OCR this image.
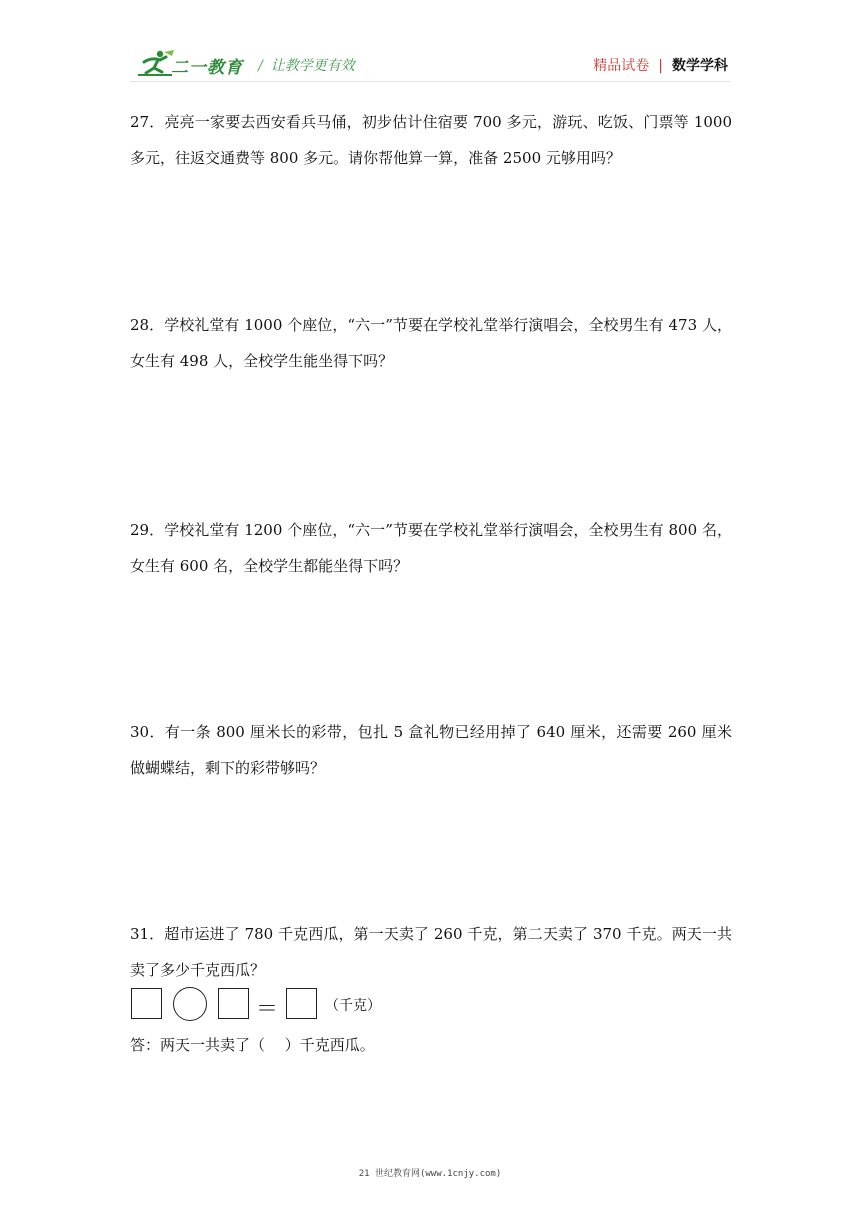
二一教育 / 让教学更有效	精品试卷 | 数学学科
27．亮亮一家要去西安看兵马俑，初步估计住宿要 700 多元，游玩、吃饭、门票等 1000 多元，往返交通费等 800 多元。请你帮他算一算，准备 2500 元够用吗？
28．学校礼堂有 1000 个座位，“六一”节要在学校礼堂举行演唱会，全校男生有 473 人，女生有 498 人，全校学生能坐得下吗？
29．学校礼堂有 1200 个座位，“六一”节要在学校礼堂举行演唱会，全校男生有 800 名，女生有 600 名，全校学生都能坐得下吗？
30．有一条 800 厘米长的彩带，包扎 5 盒礼物已经用掉了 640 厘米，还需要 260 厘米做蝴蝶结，剩下的彩带够吗？
31．超市运进了 780 千克西瓜，第一天卖了 260 千克，第二天卖了 370 千克。两天一共卖了多少千克西瓜？
＝	（千克）
答：两天一共卖了（　 ）千克西瓜。
21 世纪教育网(www.1cnjy.com)
